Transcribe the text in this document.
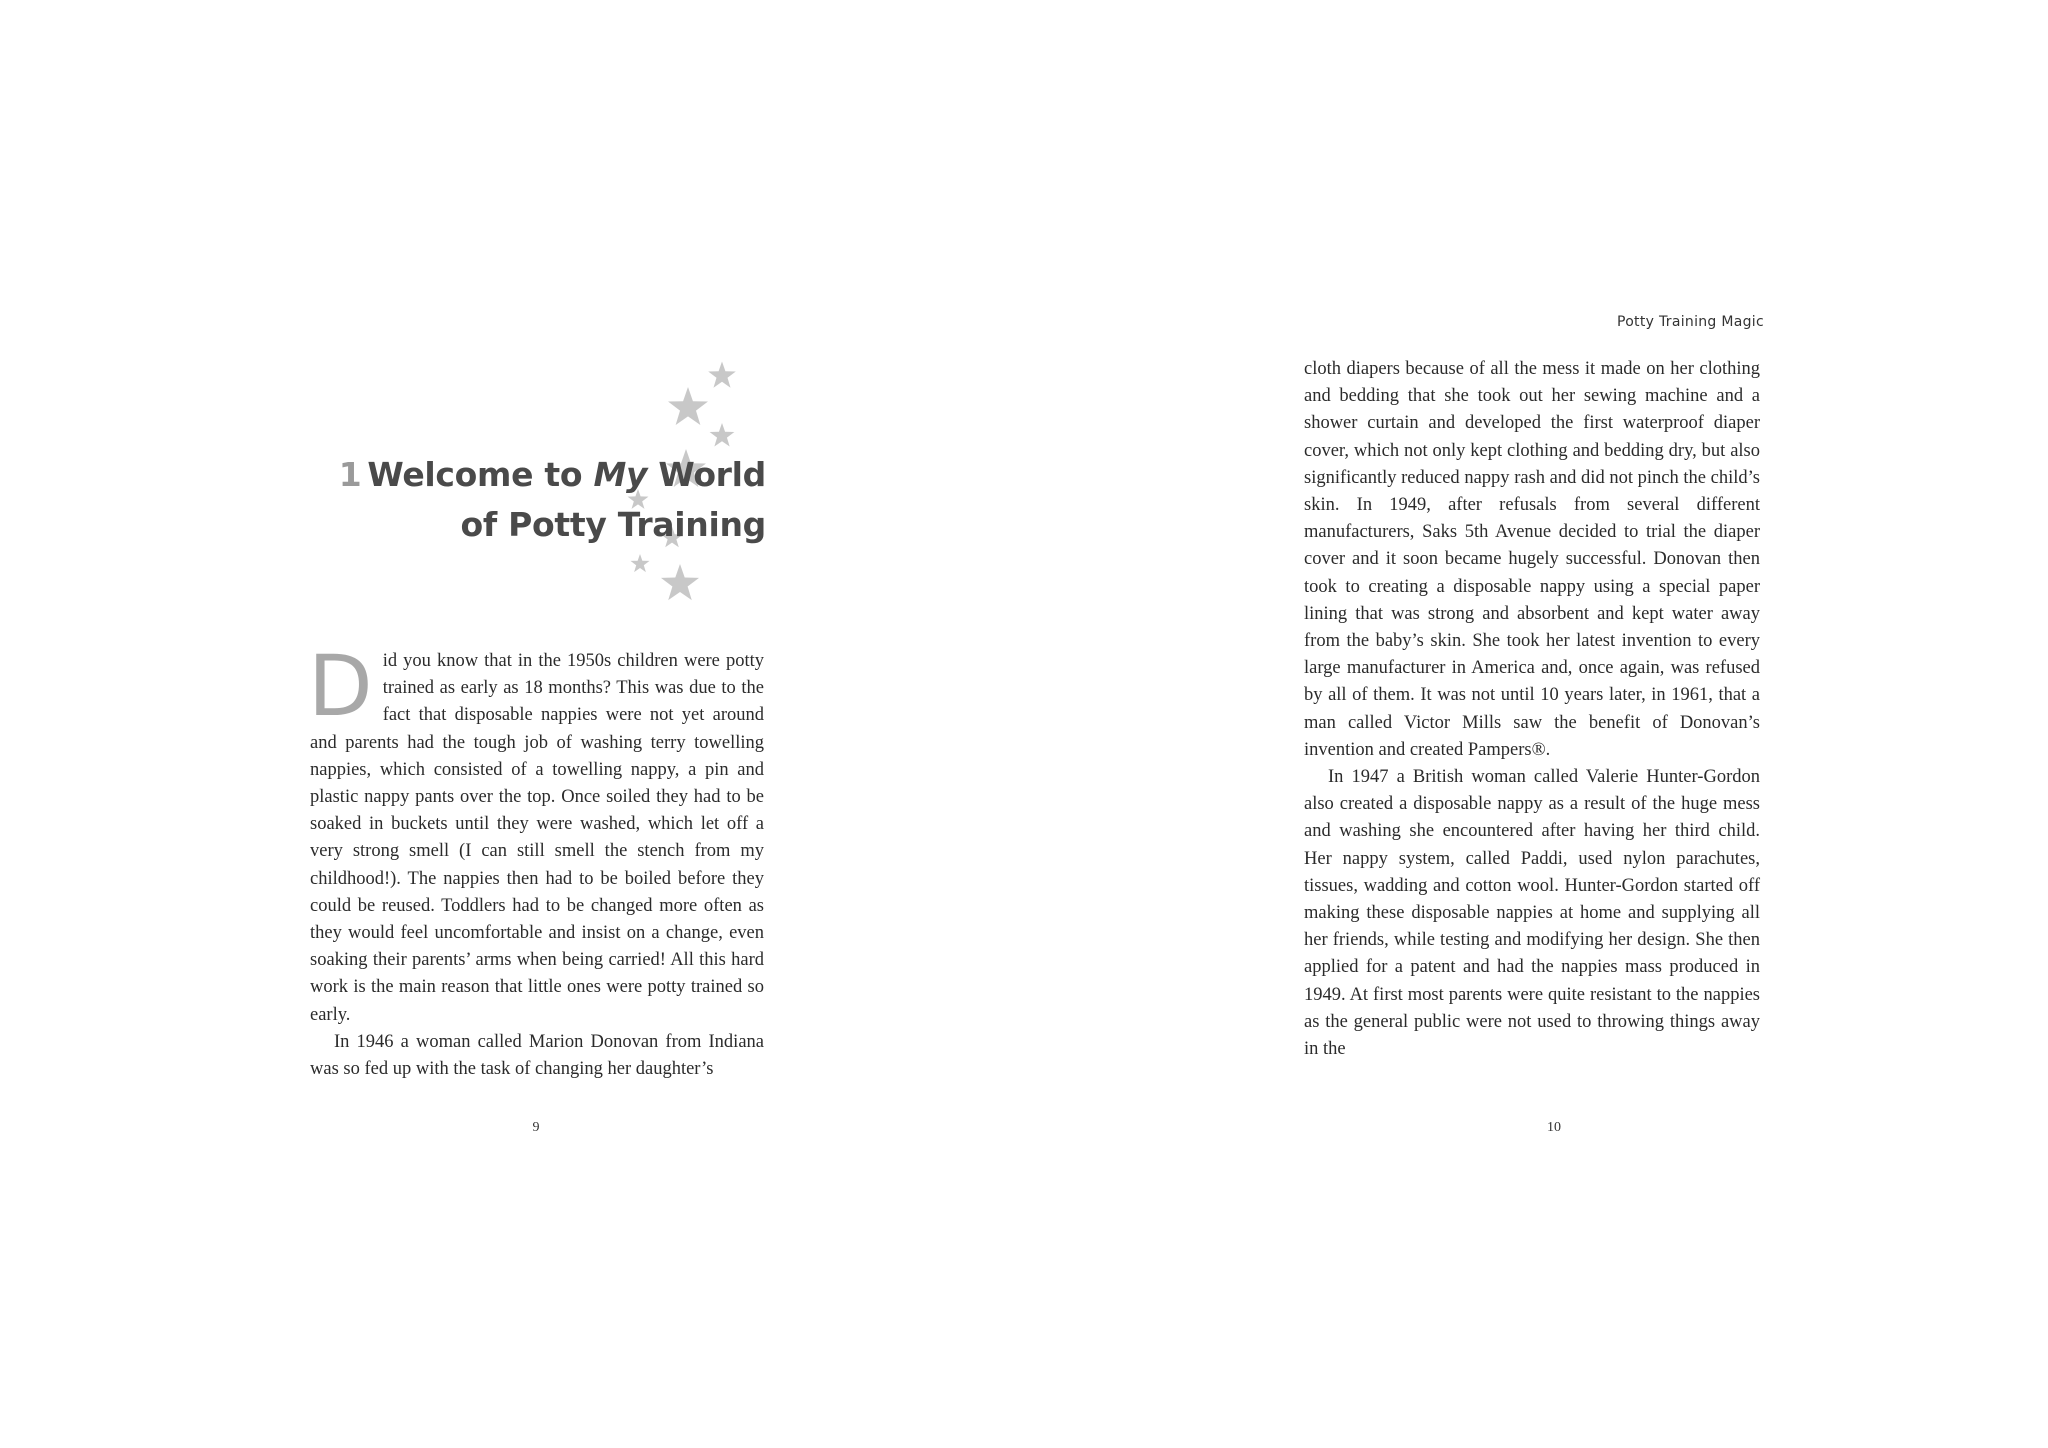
1 Welcome to My World
of Potty Training

Did you know that in the 1950s children were potty trained as early as 18 months? This was due to the fact that disposable nappies were not yet around and parents had the tough job of washing terry towelling nappies, which consisted of a towelling nappy, a pin and plastic nappy pants over the top. Once soiled they had to be soaked in buckets until they were washed, which let off a very strong smell (I can still smell the stench from my childhood!). The nappies then had to be boiled before they could be reused. Toddlers had to be changed more often as they would feel uncomfortable and insist on a change, even soaking their parents’ arms when being carried! All this hard work is the main reason that little ones were potty trained so early.

In 1946 a woman called Marion Donovan from Indiana was so fed up with the task of changing her daughter’s

9
Potty Training Magic

cloth diapers because of all the mess it made on her clothing and bedding that she took out her sewing machine and a shower curtain and developed the first waterproof diaper cover, which not only kept clothing and bedding dry, but also significantly reduced nappy rash and did not pinch the child’s skin. In 1949, after refusals from several different manufacturers, Saks 5th Avenue decided to trial the diaper cover and it soon became hugely successful. Donovan then took to creating a disposable nappy using a special paper lining that was strong and absorbent and kept water away from the baby’s skin. She took her latest invention to every large manufacturer in America and, once again, was refused by all of them. It was not until 10 years later, in 1961, that a man called Victor Mills saw the benefit of Donovan’s invention and created Pampers®.

In 1947 a British woman called Valerie Hunter-Gordon also created a disposable nappy as a result of the huge mess and washing she encountered after having her third child. Her nappy system, called Paddi, used nylon parachutes, tissues, wadding and cotton wool. Hunter-Gordon started off making these disposable nappies at home and supplying all her friends, while testing and modifying her design. She then applied for a patent and had the nappies mass produced in 1949. At first most parents were quite resistant to the nappies as the general public were not used to throwing things away in the

10
